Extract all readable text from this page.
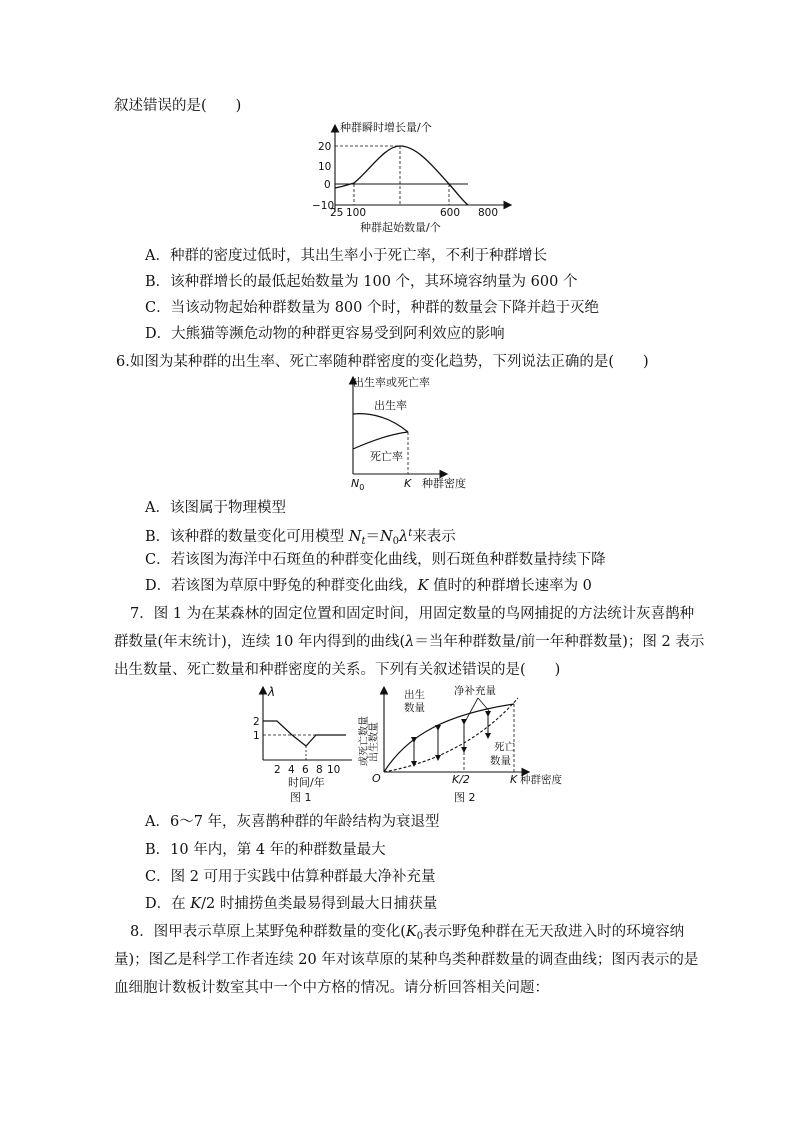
叙述错误的是(　　)
种群瞬时增长量/个
20
10
0
−10
25 100	600 800
种群起始数量/个
A．种群的密度过低时，其出生率小于死亡率，不利于种群增长
B．该种群增长的最低起始数量为 100 个，其环境容纳量为 600 个
C．当该动物起始种群数量为 800 个时，种群的数量会下降并趋于灭绝
D．大熊猫等濒危动物的种群更容易受到阿利效应的影响
6.如图为某种群的出生率、死亡率随种群密度的变化趋势，下列说法正确的是(　　)
出生率或死亡率
出生率
死亡率
$N_0$	K 种群密度
A．该图属于物理模型
B．该种群的数量变化可用模型 $N_t=N_0\lambda^t$来表示
C．若该图为海洋中石斑鱼的种群变化曲线，则石斑鱼种群数量持续下降
D．若该图为草原中野兔的种群变化曲线，K 值时的种群增长速率为 0
7．图 1 为在某森林的固定位置和固定时间，用固定数量的鸟网捕捉的方法统计灰喜鹊种
群数量(年末统计)，连续 10 年内得到的曲线(λ＝当年种群数量/前一年种群数量)；图 2 表示
出生数量、死亡数量和种群密度的关系。下列有关叙述错误的是(　　)
λ
2
1
2 4 6 8 10
时间/年
图 1
出生数量
或死亡数量
出生
数量
净补充量
死亡
数量
O	K/2	K 种群密度
图 2
A．6～7 年，灰喜鹊种群的年龄结构为衰退型
B．10 年内，第 4 年的种群数量最大
C．图 2 可用于实践中估算种群最大净补充量
D．在 K/2 时捕捞鱼类最易得到最大日捕获量
8．图甲表示草原上某野兔种群数量的变化($K_0$表示野兔种群在无天敌进入时的环境容纳
量)；图乙是科学工作者连续 20 年对该草原的某种鸟类种群数量的调查曲线；图丙表示的是
血细胞计数板计数室其中一个中方格的情况。请分析回答相关问题：
